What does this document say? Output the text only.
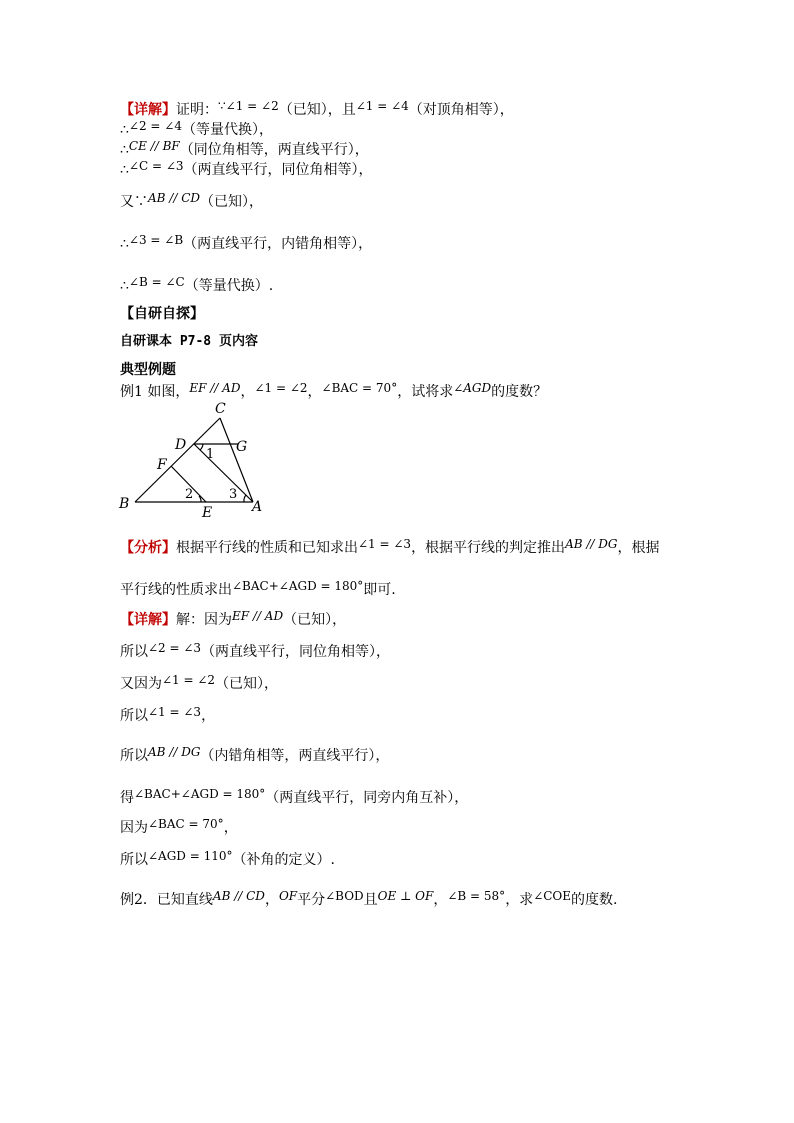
【详解】证明：∵∠1 = ∠2（已知），且∠1 = ∠4（对顶角相等），
∴∠2 = ∠4（等量代换），
∴CE // BF（同位角相等，两直线平行），
∴∠C = ∠3（两直线平行，同位角相等），
又∵AB // CD（已知），
∴∠3 = ∠B（两直线平行，内错角相等），
∴∠B = ∠C（等量代换）.
【自研自探】
自研课本 P7-8 页内容
典型例题
例1 如图，EF // AD，∠1 = ∠2，∠BAC = 70°，试将求∠AGD的度数？
C
D	G
F
B
E	A
1
2	3
【分析】根据平行线的性质和已知求出∠1 = ∠3，根据平行线的判定推出AB // DG，根据
平行线的性质求出∠BAC+∠AGD = 180°即可.
【详解】解：因为EF // AD（已知），
所以∠2 = ∠3（两直线平行，同位角相等），
又因为∠1 = ∠2（已知），
所以∠1 = ∠3，
所以AB // DG（内错角相等，两直线平行），
得∠BAC+∠AGD = 180°（两直线平行，同旁内角互补），
因为∠BAC = 70°，
所以∠AGD = 110°（补角的定义）.
例2．已知直线AB // CD，OF平分∠BOD且OE ⊥ OF，∠B = 58°，求∠COE的度数.
